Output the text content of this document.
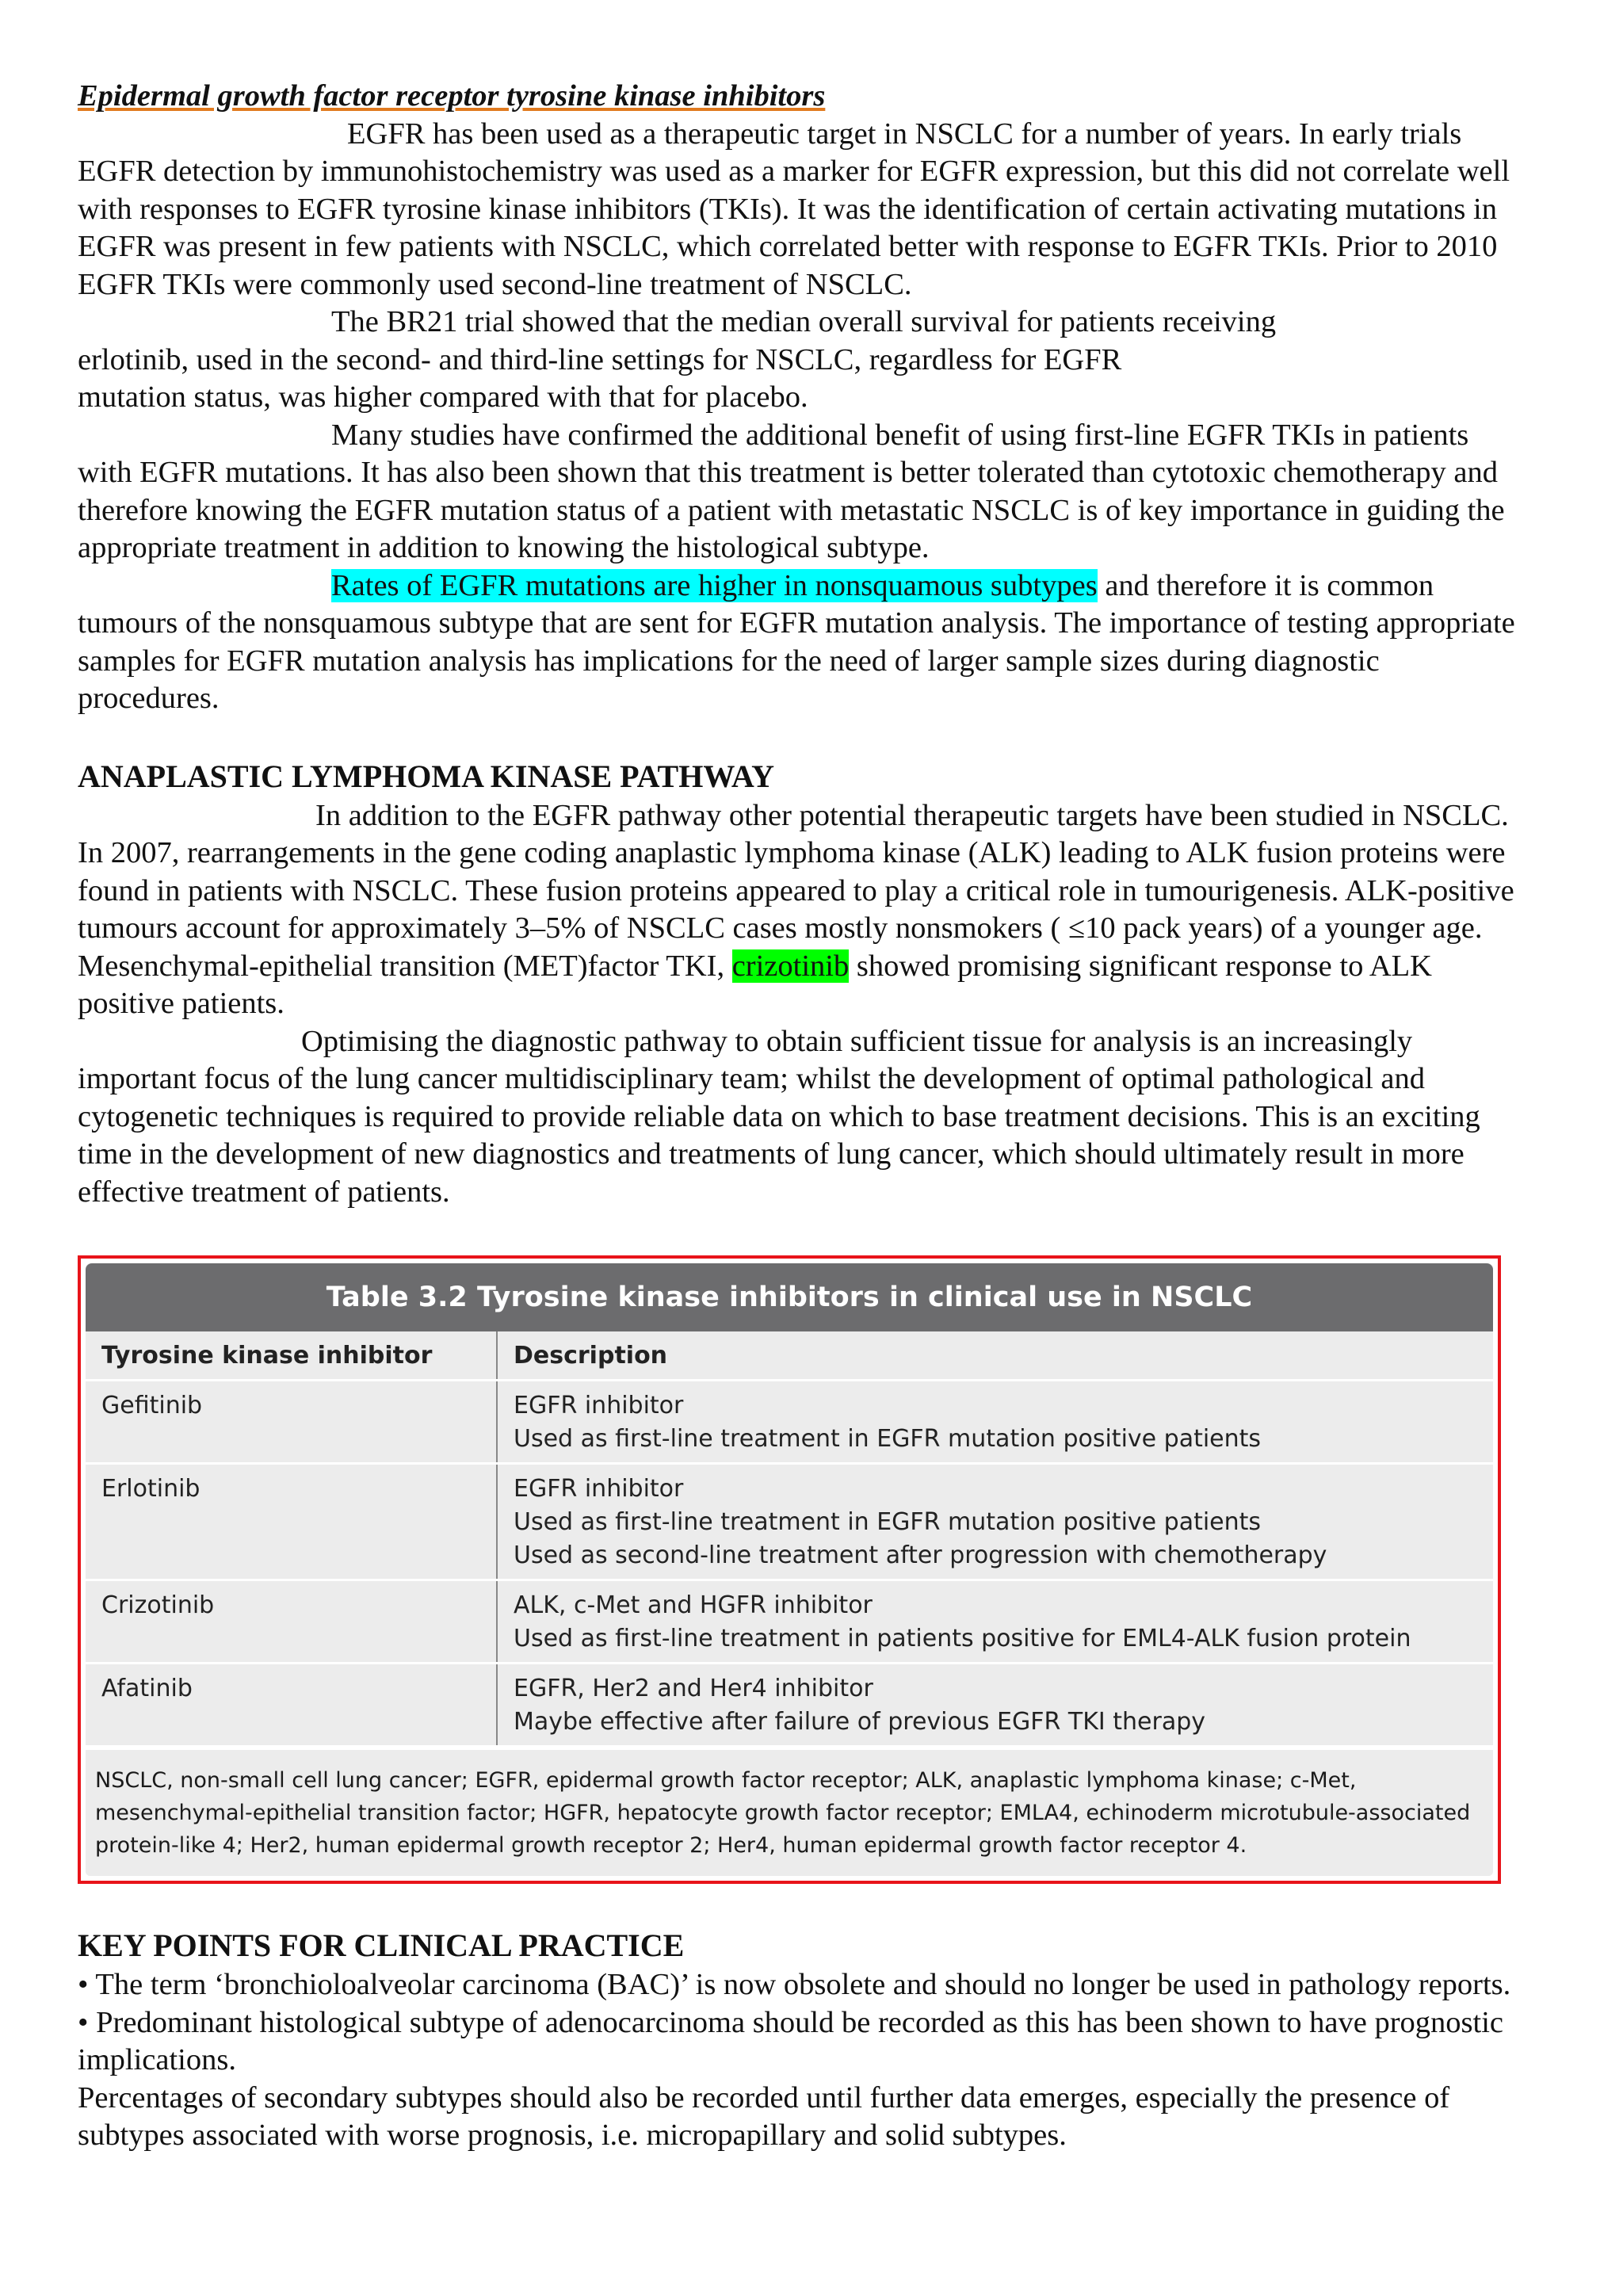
Epidermal growth factor receptor tyrosine kinase inhibitors

EGFR has been used as a therapeutic target in NSCLC for a number of years. In early trials EGFR detection by immunohistochemistry was used as a marker for EGFR expression, but this did not correlate well with responses to EGFR tyrosine kinase inhibitors (TKIs). It was the identification of certain activating mutations in EGFR was present in few patients with NSCLC, which correlated better with response to EGFR TKIs. Prior to 2010 EGFR TKIs were commonly used second-line treatment of NSCLC.

The BR21 trial showed that the median overall survival for patients receiving

erlotinib, used in the second- and third-line settings for NSCLC, regardless for EGFR

mutation status, was higher compared with that for placebo.

Many studies have confirmed the additional benefit of using first-line EGFR TKIs in patients with EGFR mutations. It has also been shown that this treatment is better tolerated than cytotoxic chemotherapy and therefore knowing the EGFR mutation status of a patient with metastatic NSCLC is of key importance in guiding the appropriate treatment in addition to knowing the histological subtype.

Rates of EGFR mutations are higher in nonsquamous subtypes and therefore it is common tumours of the nonsquamous subtype that are sent for EGFR mutation analysis. The importance of testing appropriate samples for EGFR mutation analysis has implications for the need of larger sample sizes during diagnostic procedures.

ANAPLASTIC LYMPHOMA KINASE PATHWAY

In addition to the EGFR pathway other potential therapeutic targets have been studied in NSCLC. In 2007, rearrangements in the gene coding anaplastic lymphoma kinase (ALK) leading to ALK fusion proteins were found in patients with NSCLC. These fusion proteins appeared to play a critical role in tumourigenesis. ALK-positive tumours account for approximately 3–5% of NSCLC cases mostly nonsmokers ( ≤10 pack years) of a younger age. Mesenchymal-epithelial transition (MET)factor TKI, crizotinib showed promising significant response to ALK positive patients.

Optimising the diagnostic pathway to obtain sufficient tissue for analysis is an increasingly important focus of the lung cancer multidisciplinary team; whilst the development of optimal pathological and cytogenetic techniques is required to provide reliable data on which to base treatment decisions. This is an exciting time in the development of new diagnostics and treatments of lung cancer, which should ultimately result in more effective treatment of patients.

Table 3.2 Tyrosine kinase inhibitors in clinical use in NSCLC
Tyrosine kinase inhibitor	Description
Gefitinib	EGFR inhibitor
Used as first-line treatment in EGFR mutation positive patients
Erlotinib	EGFR inhibitor
Used as first-line treatment in EGFR mutation positive patients
Used as second-line treatment after progression with chemotherapy
Crizotinib	ALK, c-Met and HGFR inhibitor
Used as first-line treatment in patients positive for EML4-ALK fusion protein
Afatinib	EGFR, Her2 and Her4 inhibitor
Maybe effective after failure of previous EGFR TKI therapy
NSCLC, non-small cell lung cancer; EGFR, epidermal growth factor receptor; ALK, anaplastic lymphoma kinase; c-Met, mesenchymal-epithelial transition factor; HGFR, hepatocyte growth factor receptor; EMLA4, echinoderm microtubule-associated protein-like 4; Her2, human epidermal growth receptor 2; Her4, human epidermal growth factor receptor 4.
KEY POINTS FOR CLINICAL PRACTICE

• The term ‘bronchioloalveolar carcinoma (BAC)’ is now obsolete and should no longer be used in pathology reports.

• Predominant histological subtype of adenocarcinoma should be recorded as this has been shown to have prognostic implications.

Percentages of secondary subtypes should also be recorded until further data emerges, especially the presence of subtypes associated with worse prognosis, i.e. micropapillary and solid subtypes.
